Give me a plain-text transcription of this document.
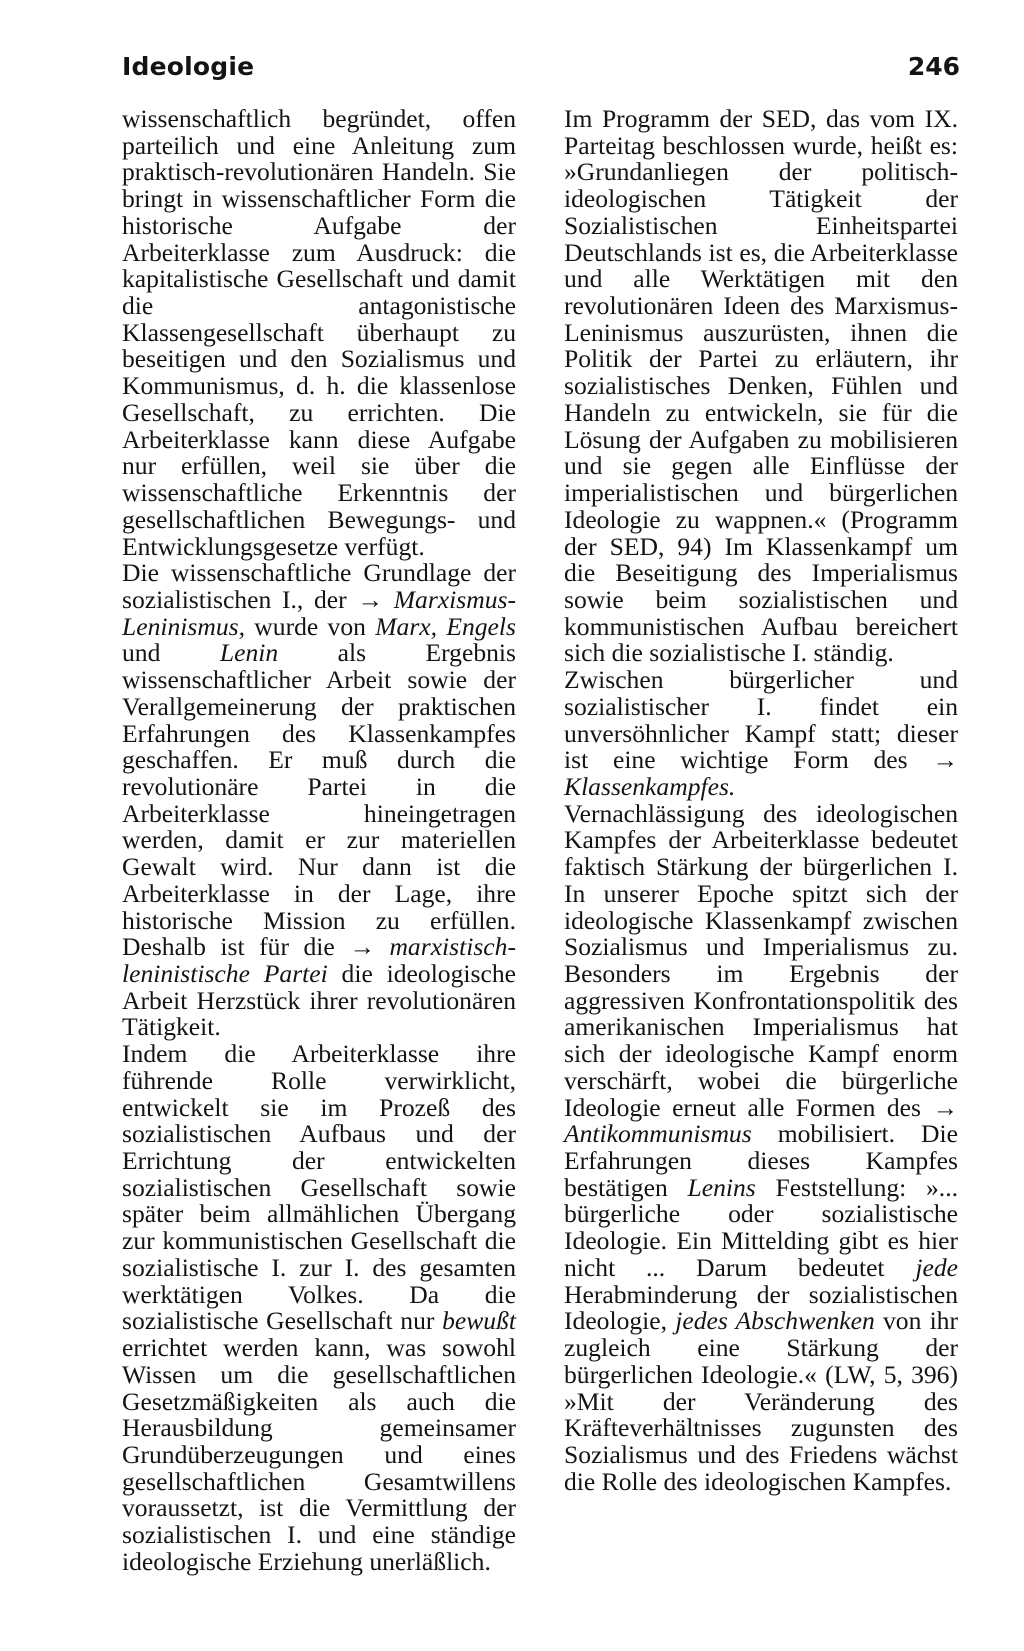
Ideologie	246

wissenschaftlich begründet, offen parteilich und eine Anleitung zum praktisch-revolutionären Handeln. Sie bringt in wissenschaftlicher Form die historische Aufgabe der Arbeiterklasse zum Ausdruck: die kapitalistische Gesellschaft und damit die antagonistische Klassengesellschaft überhaupt zu beseitigen und den Sozialismus und Kommunismus, d. h. die klassenlose Gesellschaft, zu errichten. Die Arbeiterklasse kann diese Aufgabe nur erfüllen, weil sie über die wissenschaftliche Erkenntnis der gesellschaftlichen Bewegungs- und Entwicklungsgesetze verfügt.

Die wissenschaftliche Grundlage der sozialistischen I., der → Marxismus-Leninismus, wurde von Marx, Engels und Lenin als Ergebnis wissenschaftlicher Arbeit sowie der Verallgemeinerung der praktischen Erfahrungen des Klassenkampfes geschaffen. Er muß durch die revolutionäre Partei in die Arbeiterklasse hineingetragen werden, damit er zur materiellen Gewalt wird. Nur dann ist die Arbeiterklasse in der Lage, ihre historische Mission zu erfüllen. Deshalb ist für die → marxistisch-leninistische Partei die ideologische Arbeit Herzstück ihrer revolutionären Tätigkeit.

Indem die Arbeiterklasse ihre führende Rolle verwirklicht, entwickelt sie im Prozeß des sozialistischen Aufbaus und der Errichtung der entwickelten sozialistischen Gesellschaft sowie später beim allmählichen Übergang zur kommunistischen Gesellschaft die sozialistische I. zur I. des gesamten werktätigen Volkes. Da die sozialistische Gesellschaft nur bewußt errichtet werden kann, was sowohl Wissen um die gesellschaftlichen Gesetzmäßigkeiten als auch die Herausbildung gemeinsamer Grundüberzeugungen und eines gesellschaftlichen Gesamtwillens voraussetzt, ist die Vermittlung der sozialistischen I. und eine ständige ideologische Erziehung unerläßlich.

Im Programm der SED, das vom IX. Parteitag beschlossen wurde, heißt es: »Grundanliegen der politisch-ideologischen Tätigkeit der Sozialistischen Einheitspartei Deutschlands ist es, die Arbeiterklasse und alle Werktätigen mit den revolutionären Ideen des Marxismus-Leninismus auszurüsten, ihnen die Politik der Partei zu erläutern, ihr sozialistisches Denken, Fühlen und Handeln zu entwickeln, sie für die Lösung der Aufgaben zu mobilisieren und sie gegen alle Einflüsse der imperialistischen und bürgerlichen Ideologie zu wappnen.« (Programm der SED, 94) Im Klassenkampf um die Beseitigung des Imperialismus sowie beim sozialistischen und kommunistischen Aufbau bereichert sich die sozialistische I. ständig.

Zwischen bürgerlicher und sozialistischer I. findet ein unversöhnlicher Kampf statt; dieser ist eine wichtige Form des → Klassenkampfes.

Vernachlässigung des ideologischen Kampfes der Arbeiterklasse bedeutet faktisch Stärkung der bürgerlichen I. In unserer Epoche spitzt sich der ideologische Klassenkampf zwischen Sozialismus und Imperialismus zu. Besonders im Ergebnis der aggressiven Konfrontationspolitik des amerikanischen Imperialismus hat sich der ideologische Kampf enorm verschärft, wobei die bürgerliche Ideologie erneut alle Formen des → Antikommunismus mobilisiert. Die Erfahrungen dieses Kampfes bestätigen Lenins Feststellung: »... bürgerliche oder sozialistische Ideologie. Ein Mittelding gibt es hier nicht ... Darum bedeutet jede Herabminderung der sozialistischen Ideologie, jedes Abschwenken von ihr zugleich eine Stärkung der bürgerlichen Ideologie.« (LW, 5, 396) »Mit der Veränderung des Kräfteverhältnisses zugunsten des Sozialismus und des Friedens wächst die Rolle des ideologischen Kampfes.
